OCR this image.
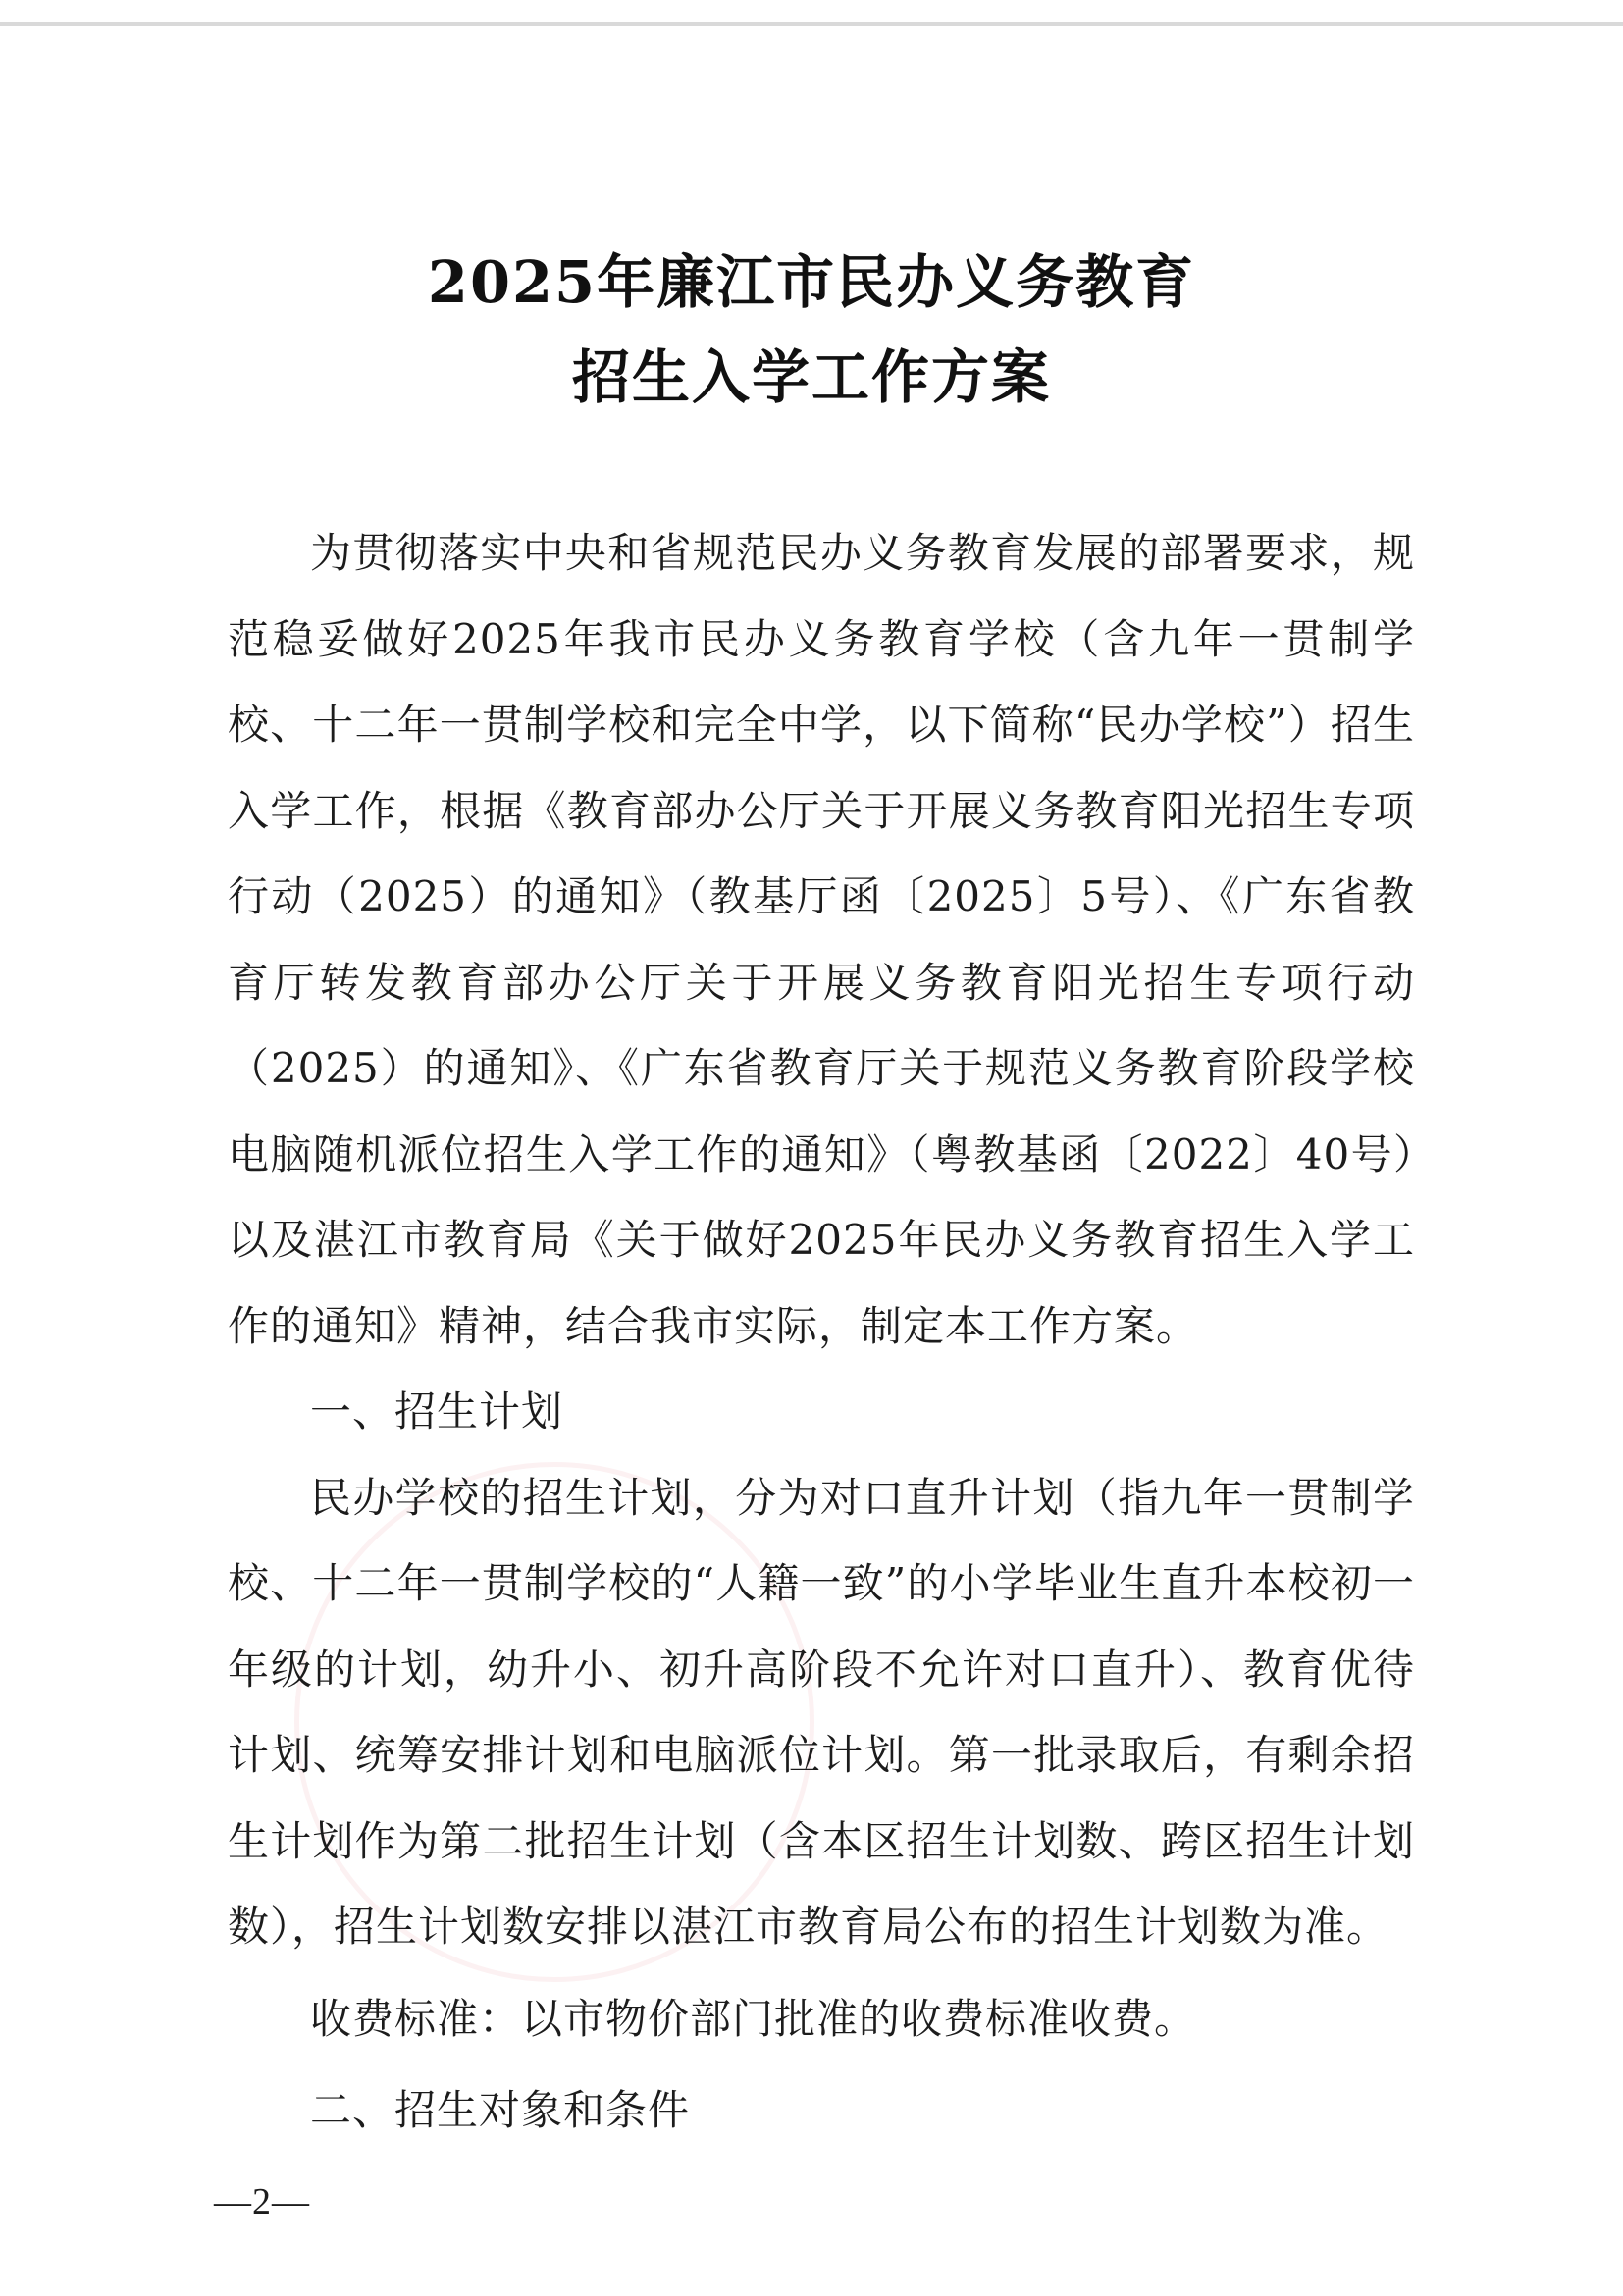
2025年廉江市民办义务教育
招生入学工作方案

为贯彻落实中央和省规范民办义务教育发展的部署要求，规范稳妥做好2025年我市民办义务教育学校（含九年一贯制学校、十二年一贯制学校和完全中学，以下简称“民办学校”）招生入学工作，根据《教育部办公厅关于开展义务教育阳光招生专项行动（2025）的通知》（教基厅函〔2025〕5号）、《广东省教育厅转发教育部办公厅关于开展义务教育阳光招生专项行动（2025）的通知》、《广东省教育厅关于规范义务教育阶段学校电脑随机派位招生入学工作的通知》（粤教基函〔2022〕40号）以及湛江市教育局《关于做好2025年民办义务教育招生入学工作的通知》精神，结合我市实际，制定本工作方案。

一、招生计划

民办学校的招生计划，分为对口直升计划（指九年一贯制学校、十二年一贯制学校的“人籍一致”的小学毕业生直升本校初一年级的计划，幼升小、初升高阶段不允许对口直升）、教育优待计划、统筹安排计划和电脑派位计划。第一批录取后，有剩余招生计划作为第二批招生计划（含本区招生计划数、跨区招生计划数），招生计划数安排以湛江市教育局公布的招生计划数为准。

收费标准：以市物价部门批准的收费标准收费。

二、招生对象和条件

—2—
